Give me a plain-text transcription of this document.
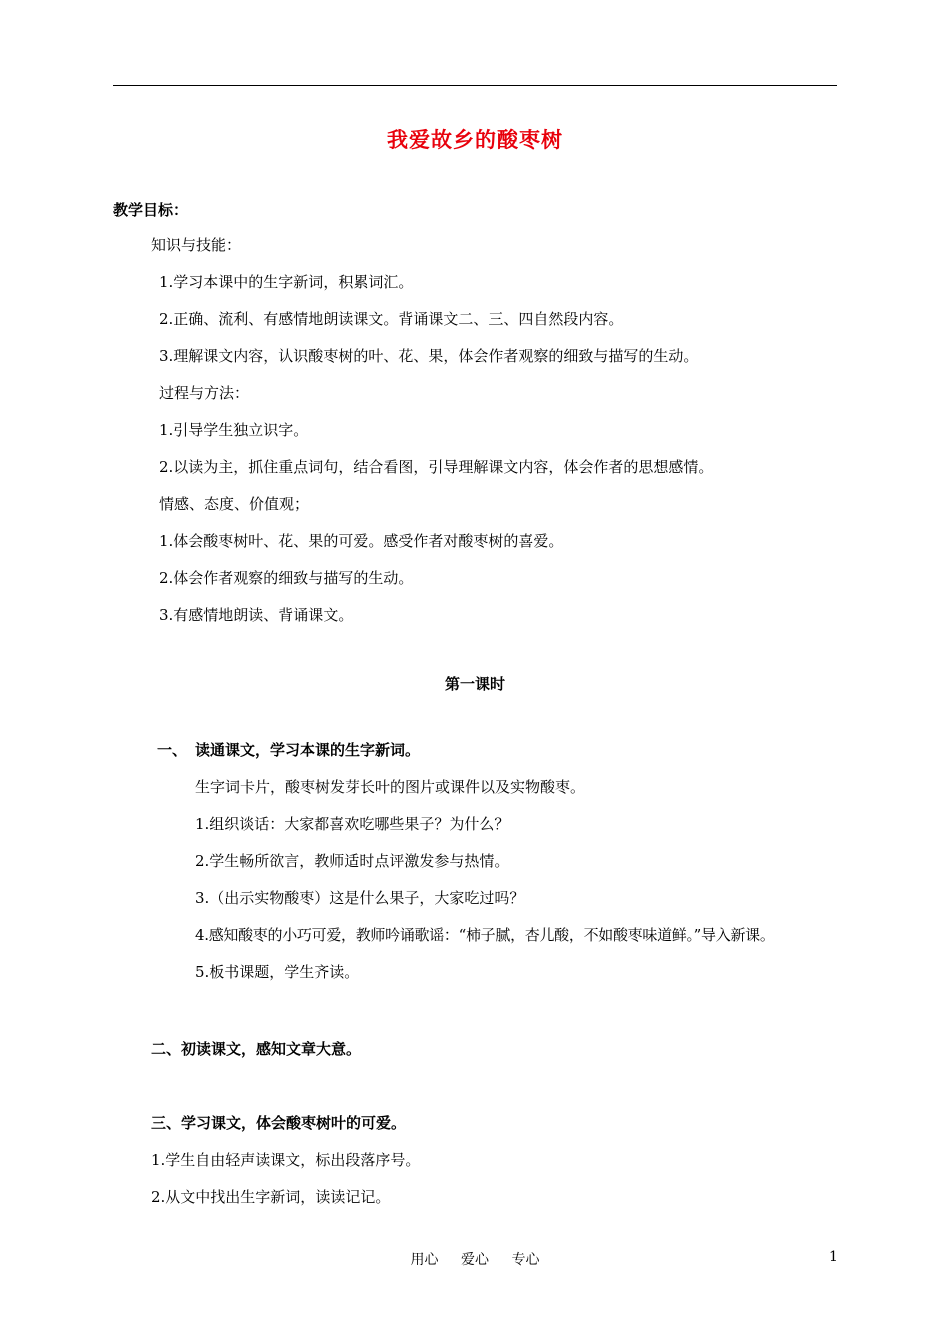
我爱故乡的酸枣树
教学目标：
知识与技能：
1.学习本课中的生字新词，积累词汇。
2.正确、流利、有感情地朗读课文。背诵课文二、三、四自然段内容。
3.理解课文内容，认识酸枣树的叶、花、果，体会作者观察的细致与描写的生动。
过程与方法：
1.引导学生独立识字。
2.以读为主，抓住重点词句，结合看图，引导理解课文内容，体会作者的思想感情。
情感、态度、价值观；
1.体会酸枣树叶、花、果的可爱。感受作者对酸枣树的喜爱。
2.体会作者观察的细致与描写的生动。
3.有感情地朗读、背诵课文。
第一课时
一、 读通课文，学习本课的生字新词。
生字词卡片，酸枣树发芽长叶的图片或课件以及实物酸枣。
1.组织谈话：大家都喜欢吃哪些果子？为什么？
2.学生畅所欲言，教师适时点评激发参与热情。
3.（出示实物酸枣）这是什么果子，大家吃过吗？
4.感知酸枣的小巧可爱，教师吟诵歌谣：“柿子腻，杏儿酸，不如酸枣味道鲜。”导入新课。
5.板书课题，学生齐读。
二、初读课文，感知文章大意。
三、学习课文，体会酸枣树叶的可爱。
1.学生自由轻声读课文，标出段落序号。
2.从文中找出生字新词，读读记记。
用心 爱心 专心	1
